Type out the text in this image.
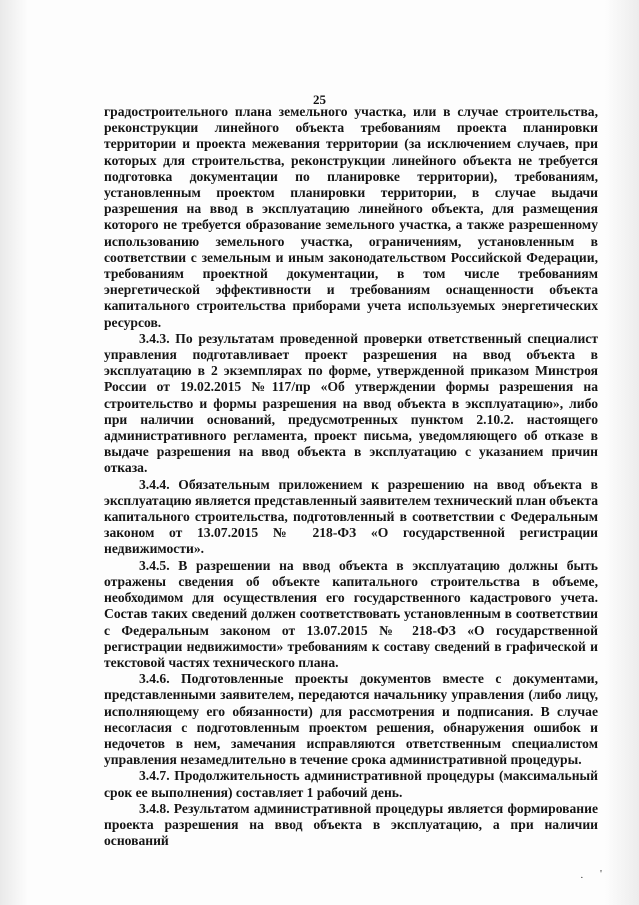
25

градостроительного плана земельного участка, или в случае строительства, реконструкции линейного объекта требованиям проекта планировки территории и проекта межевания территории (за исключением случаев, при которых для строительства, реконструкции линейного объекта не требуется подготовка документации по планировке территории), требованиям, установленным проектом планировки территории, в случае выдачи разрешения на ввод в эксплуатацию линейного объекта, для размещения которого не требуется образование земельного участка, а также разрешенному использованию земельного участка, ограничениям, установленным в соответствии с земельным и иным законодательством Российской Федерации, требованиям проектной документации, в том числе требованиям энергетической эффективности и требованиям оснащенности объекта капитального строительства приборами учета используемых энергетических ресурсов.

3.4.3. По результатам проведенной проверки ответственный специалист управления подготавливает проект разрешения на ввод объекта в эксплуатацию в 2 экземплярах по форме, утвержденной приказом Минстроя России от 19.02.2015 №117/пр «Об утверждении формы разрешения на строительство и формы разрешения на ввод объекта в эксплуатацию», либо при наличии оснований, предусмотренных пунктом 2.10.2. настоящего административного регламента, проект письма, уведомляющего об отказе в выдаче разрешения на ввод объекта в эксплуатацию с указанием причин отказа.

3.4.4. Обязательным приложением к разрешению на ввод объекта в эксплуатацию является представленный заявителем технический план объекта капитального строительства, подготовленный в соответствии с Федеральным законом от 13.07.2015 № 218-ФЗ «О государственной регистрации недвижимости».

3.4.5. В разрешении на ввод объекта в эксплуатацию должны быть отражены сведения об объекте капитального строительства в объеме, необходимом для осуществления его государственного кадастрового учета. Состав таких сведений должен соответствовать установленным в соответствии с Федеральным законом от 13.07.2015 № 218-ФЗ «О государственной регистрации недвижимости» требованиям к составу сведений в графической и текстовой частях технического плана.

3.4.6. Подготовленные проекты документов вместе с документами, представленными заявителем, передаются начальнику управления (либо лицу, исполняющему его обязанности) для рассмотрения и подписания. В случае несогласия с подготовленным проектом решения, обнаружения ошибок и недочетов в нем, замечания исправляются ответственным специалистом управления незамедлительно в течение срока административной процедуры.

3.4.7. Продолжительность административной процедуры (максимальный срок ее выполнения) составляет 1 рабочий день.

3.4.8. Результатом административной процедуры является формирование проекта разрешения на ввод объекта в эксплуатацию, а при наличии оснований

· '
